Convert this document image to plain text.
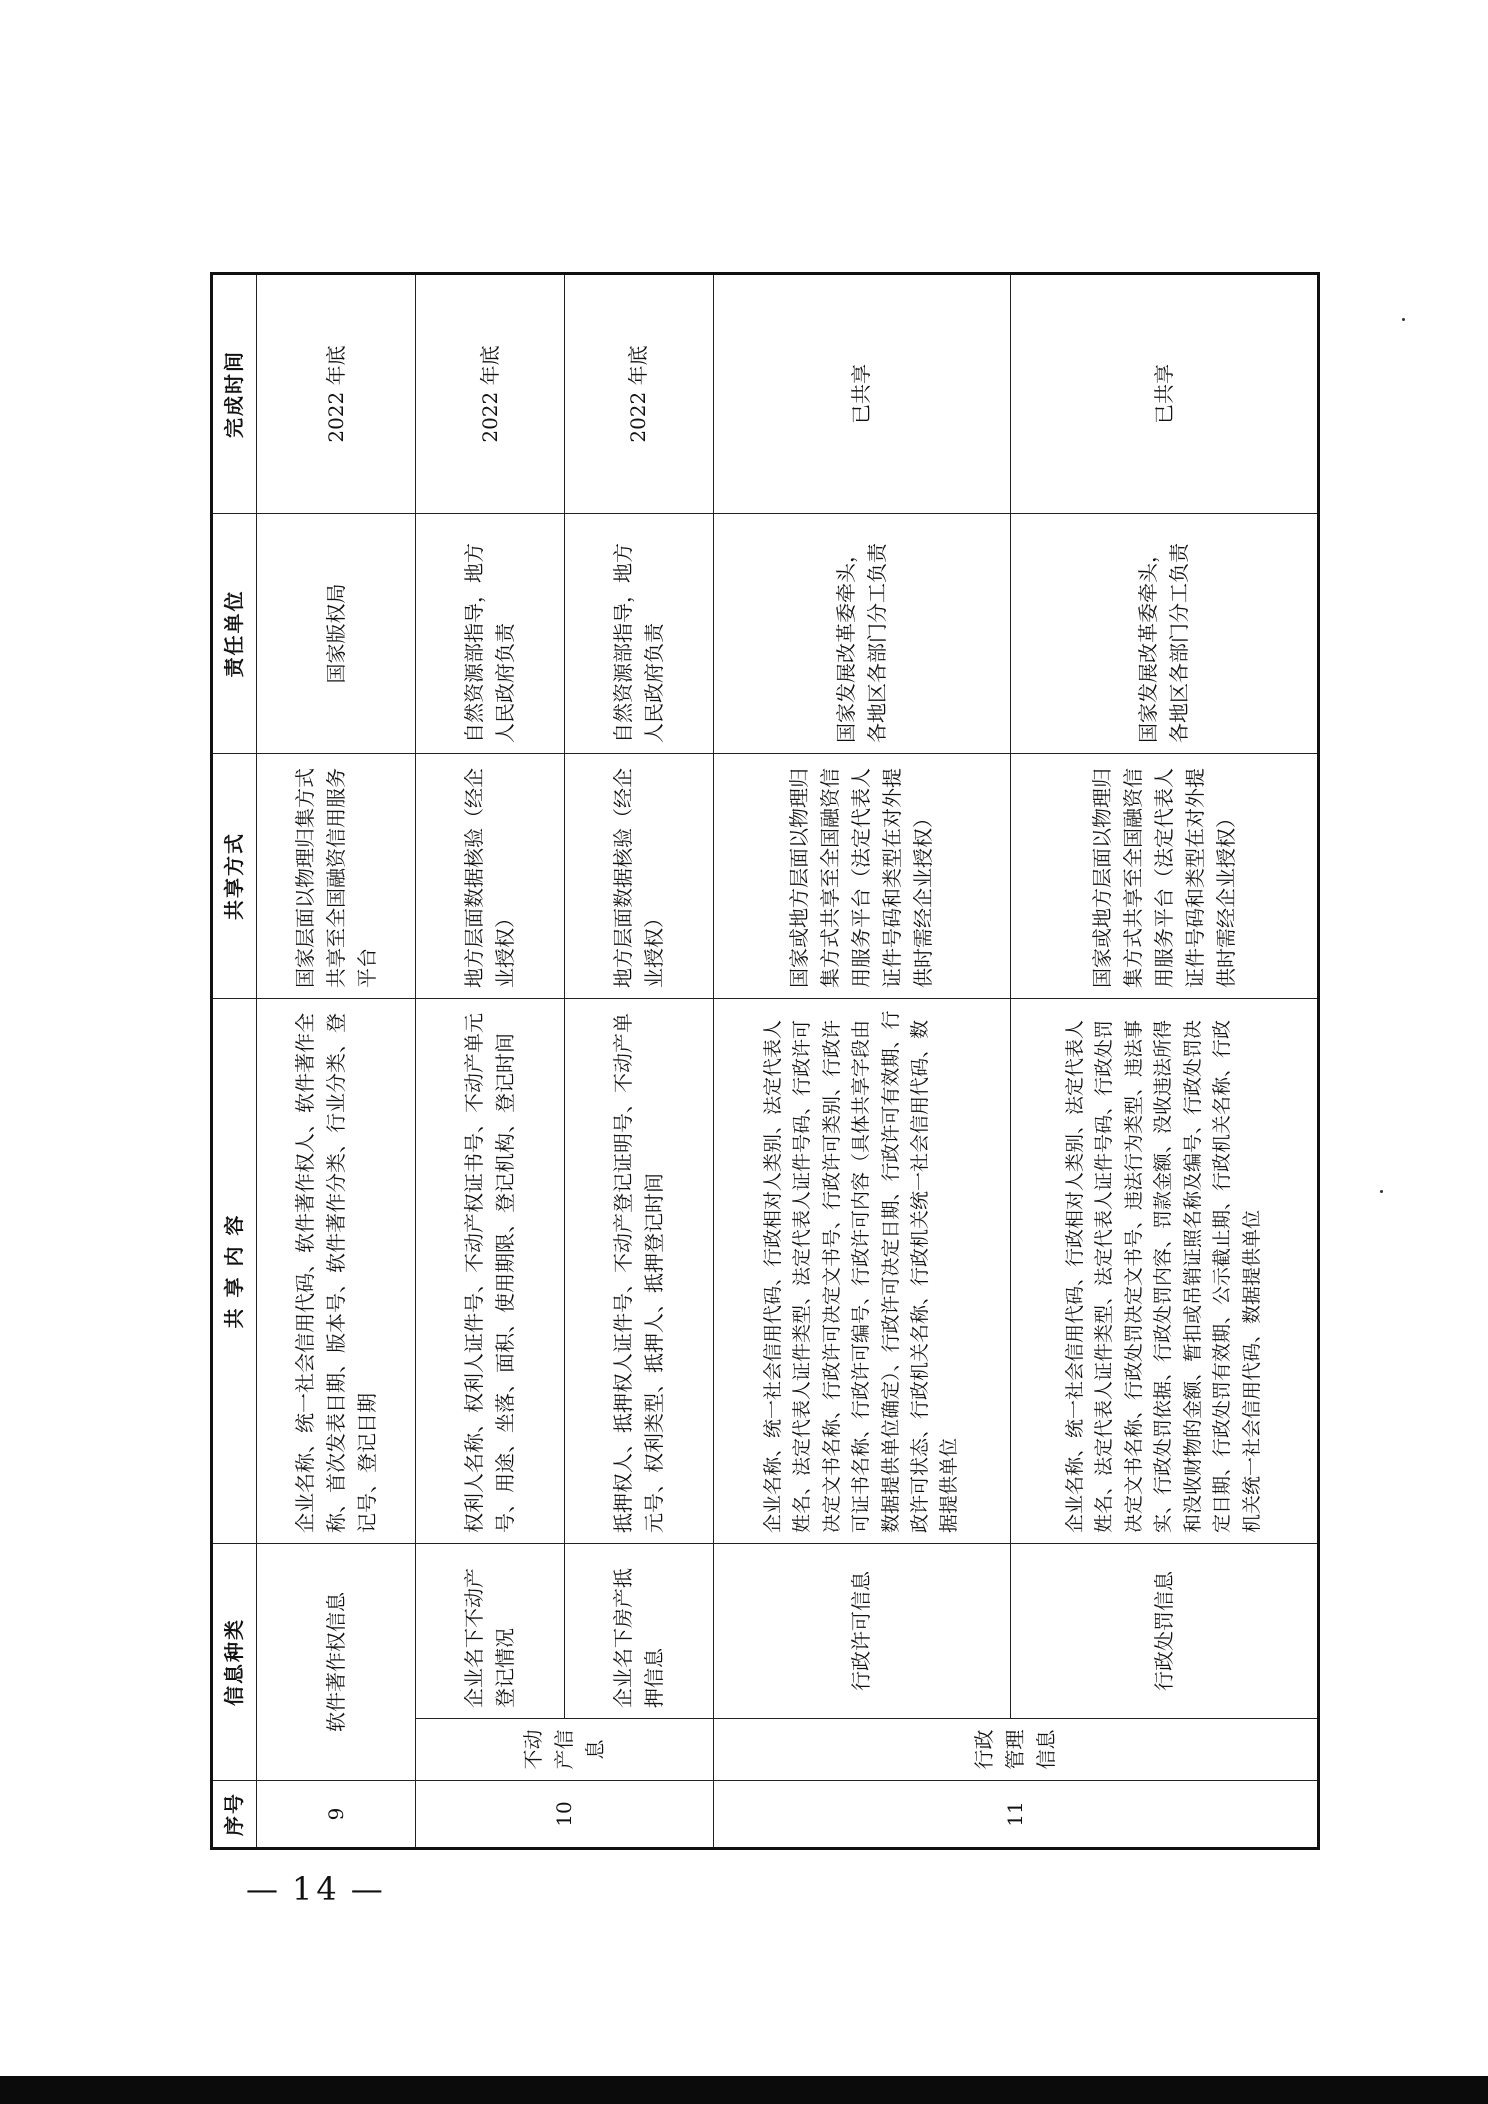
序号	信息种类		共 享 内 容	共享方式	责任单位	完成时间
9	软件著作权信息		企业名称、统一社会信用代码、软件著作权人、软件著作全称、首次发表日期、版本号、软件著作分类、行业分类、登记号、登记日期	国家层面以物理归集方式共享至全国融资信用服务平台	国家版权局	2022 年底
10	不动产信息	企业名下不动产登记情况	权利人名称、权利人证件号、不动产权证书号、不动产单元号、用途、坐落、面积、使用期限、登记机构、登记时间	地方层面数据核验（经企业授权）	自然资源部指导，地方人民政府负责	2022 年底
		企业名下房产抵押信息	抵押权人、抵押权人证件号、不动产登记证明号、不动产单元号、权利类型、抵押人、抵押登记时间	地方层面数据核验（经企业授权）	自然资源部指导，地方人民政府负责	2022 年底
11	行政管理信息	行政许可信息	企业名称、统一社会信用代码、行政相对人类别、法定代表人姓名、法定代表人证件类型、法定代表人证件号码、行政许可决定文书名称、行政许可决定文书号、行政许可类别、行政许可证书名称、行政许可编号、行政许可内容（具体共享字段由数据提供单位确定）、行政许可决定日期、行政许可有效期、行政许可状态、行政机关名称、行政机关统一社会信用代码、数据提供单位	国家或地方层面以物理归集方式共享至全国融资信用服务平台（法定代表人证件号码和类型在对外提供时需经企业授权）	国家发展改革委牵头，各地区各部门分工负责	已共享
		行政处罚信息	企业名称、统一社会信用代码、行政相对人类别、法定代表人姓名、法定代表人证件类型、法定代表人证件号码、行政处罚决定文书名称、行政处罚决定文书号、违法行为类型、违法事实、行政处罚依据、行政处罚内容、罚款金额、没收违法所得和没收财物的金额、暂扣或吊销证照名称及编号、行政处罚决定日期、行政处罚有效期、公示截止期、行政机关名称、行政机关统一社会信用代码、数据提供单位	国家或地方层面以物理归集方式共享至全国融资信用服务平台（法定代表人证件号码和类型在对外提供时需经企业授权）	国家发展改革委牵头，各地区各部门分工负责	已共享
— 14 —
